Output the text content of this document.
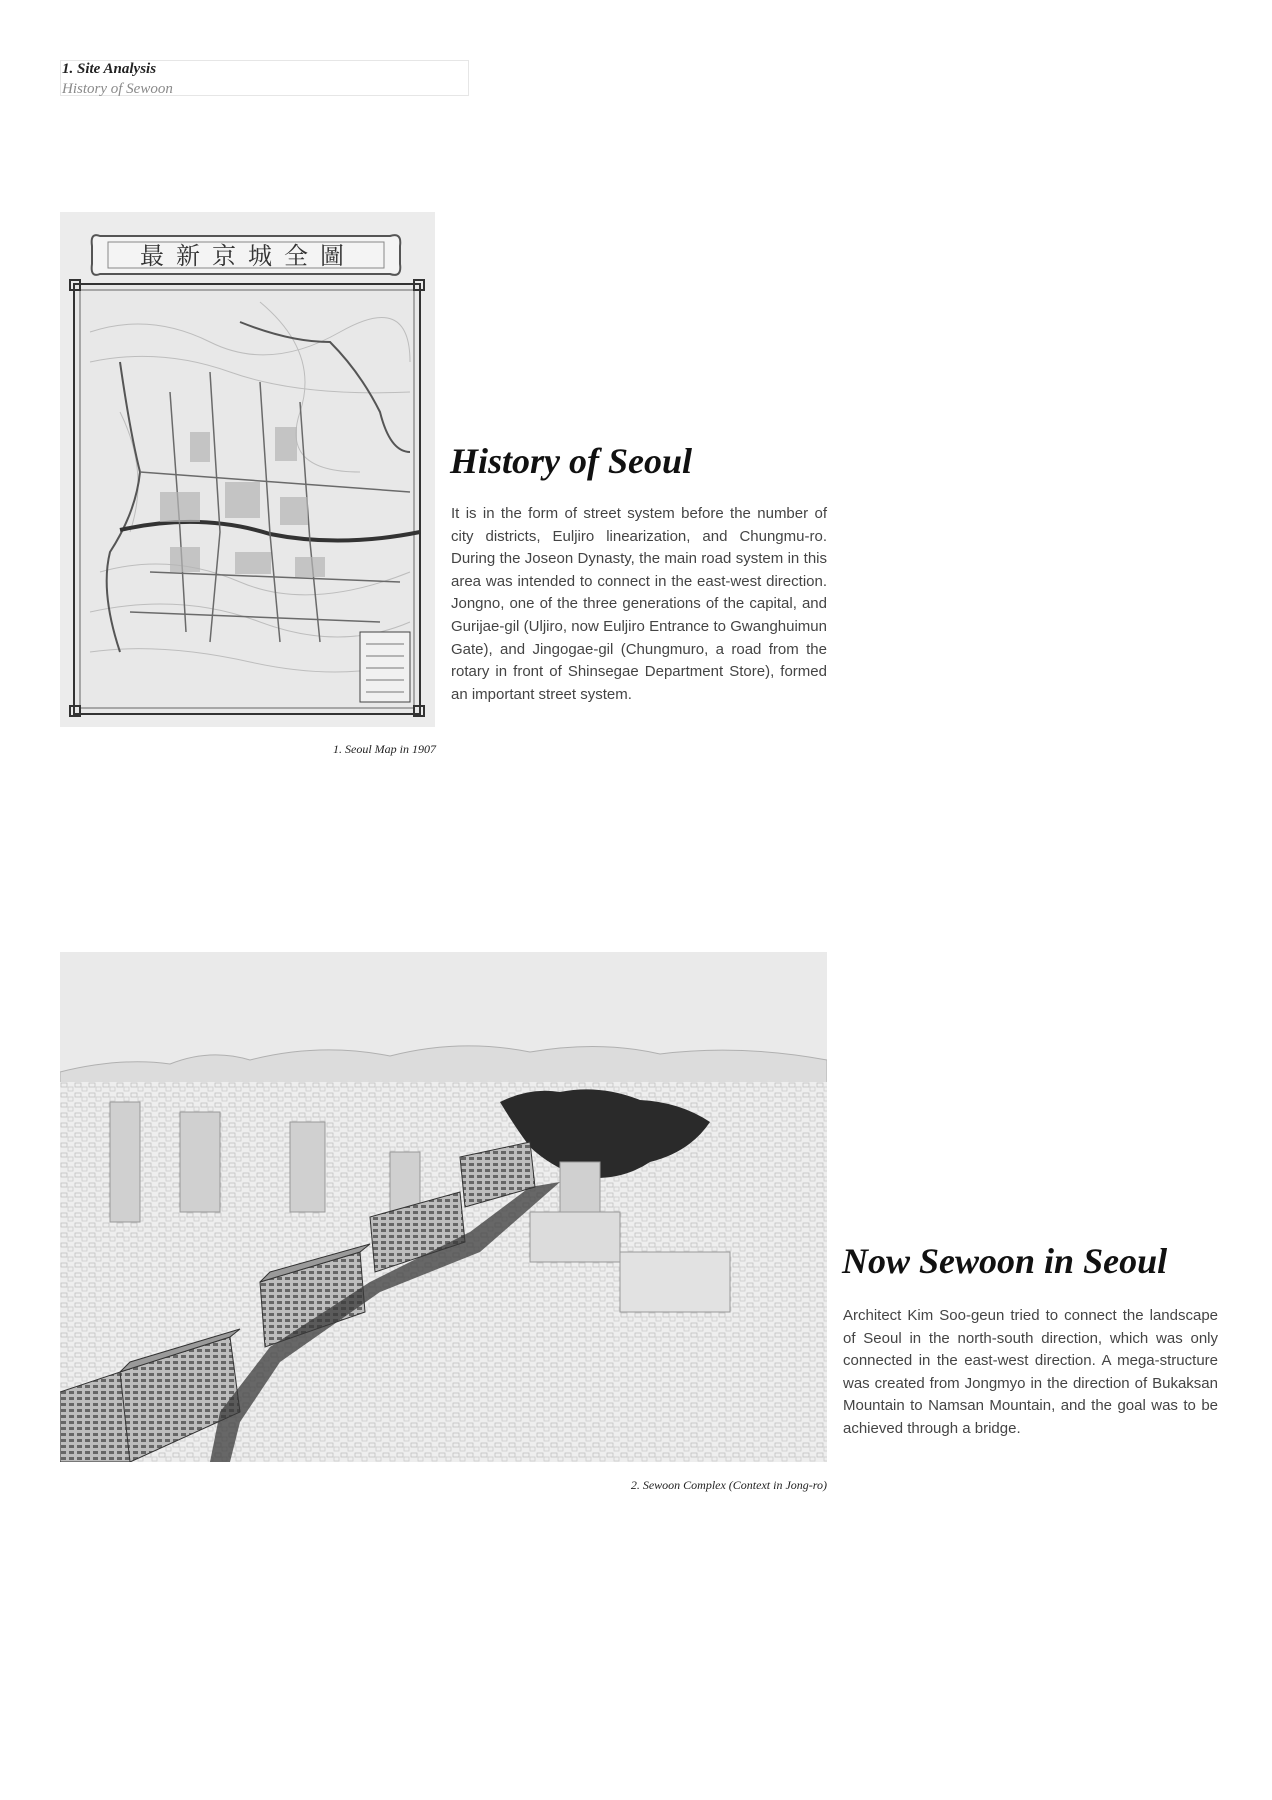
1. Site Analysis
History of Sewoon
最新京城全圖
1. Seoul Map in 1907
History of Seoul

It is in the form of street system before the number of city districts, Euljiro linearization, and Chungmu-ro. During the Joseon Dynasty, the main road system in this area was intended to connect in the east-west direction. Jongno, one of the three generations of the capital, and Gurijae-gil (Uljiro, now Euljiro Entrance to Gwanghuimun Gate), and Jingogae-gil (Chungmuro, a road from the rotary in front of Shinsegae Department Store), formed an important street system.

2. Sewoon Complex (Context in Jong-ro)
Now Sewoon in Seoul

Architect Kim Soo-geun tried to connect the landscape of Seoul in the north-south direction, which was only connected in the east-west direction. A mega-structure was created from Jongmyo in the direction of Bukaksan Mountain to Namsan Mountain, and the goal was to be achieved through a bridge.
